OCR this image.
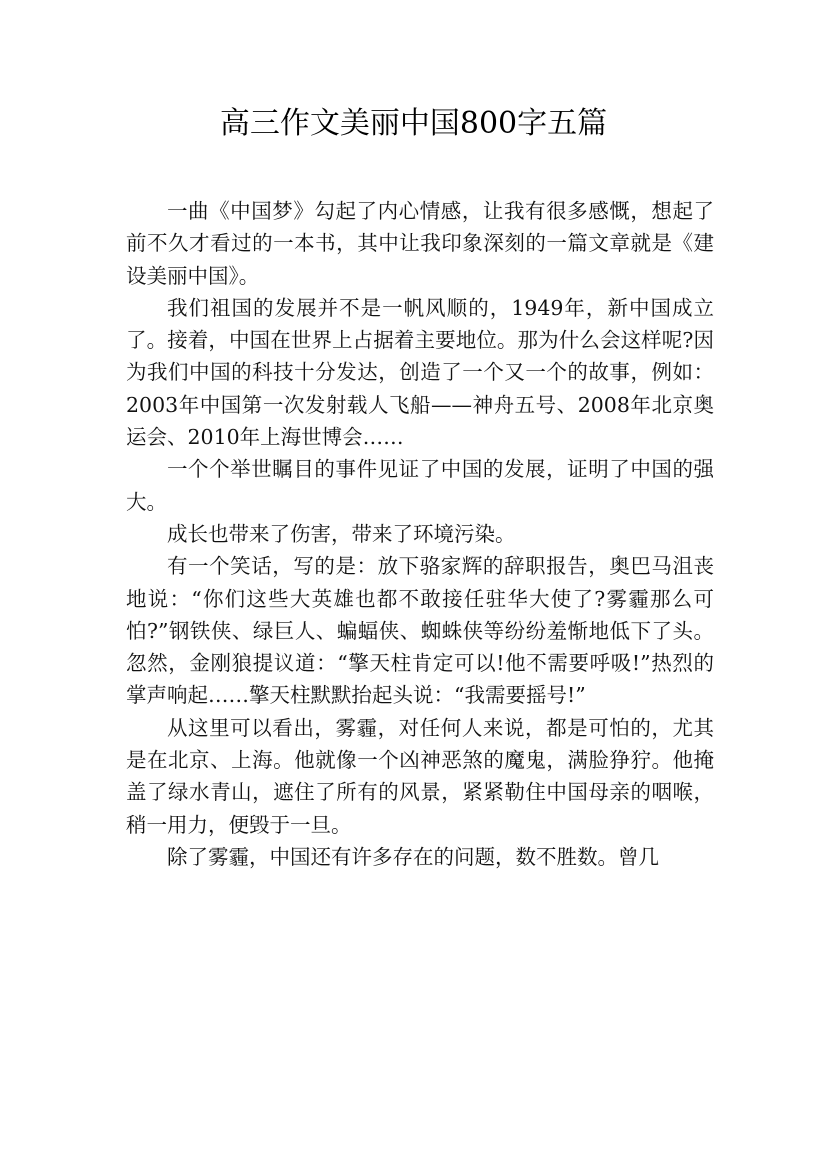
高三作文美丽中国800字五篇

一曲《中国梦》勾起了内心情感，让我有很多感慨，想起了前不久才看过的一本书，其中让我印象深刻的一篇文章就是《建设美丽中国》。

我们祖国的发展并不是一帆风顺的，1949年，新中国成立了。接着，中国在世界上占据着主要地位。那为什么会这样呢?因为我们中国的科技十分发达，创造了一个又一个的故事，例如：2003年中国第一次发射载人飞船——神舟五号、2008年北京奥运会、2010年上海世博会……

一个个举世瞩目的事件见证了中国的发展，证明了中国的强大。

成长也带来了伤害，带来了环境污染。

有一个笑话，写的是：放下骆家辉的辞职报告，奥巴马沮丧地说：“你们这些大英雄也都不敢接任驻华大使了?雾霾那么可怕?”钢铁侠、绿巨人、蝙蝠侠、蜘蛛侠等纷纷羞惭地低下了头。忽然，金刚狼提议道：“擎天柱肯定可以!他不需要呼吸!”热烈的掌声响起……擎天柱默默抬起头说：“我需要摇号!”

从这里可以看出，雾霾，对任何人来说，都是可怕的，尤其是在北京、上海。他就像一个凶神恶煞的魔鬼，满脸狰狞。他掩盖了绿水青山，遮住了所有的风景，紧紧勒住中国母亲的咽喉，稍一用力，便毁于一旦。

除了雾霾，中国还有许多存在的问题，数不胜数。曾几
